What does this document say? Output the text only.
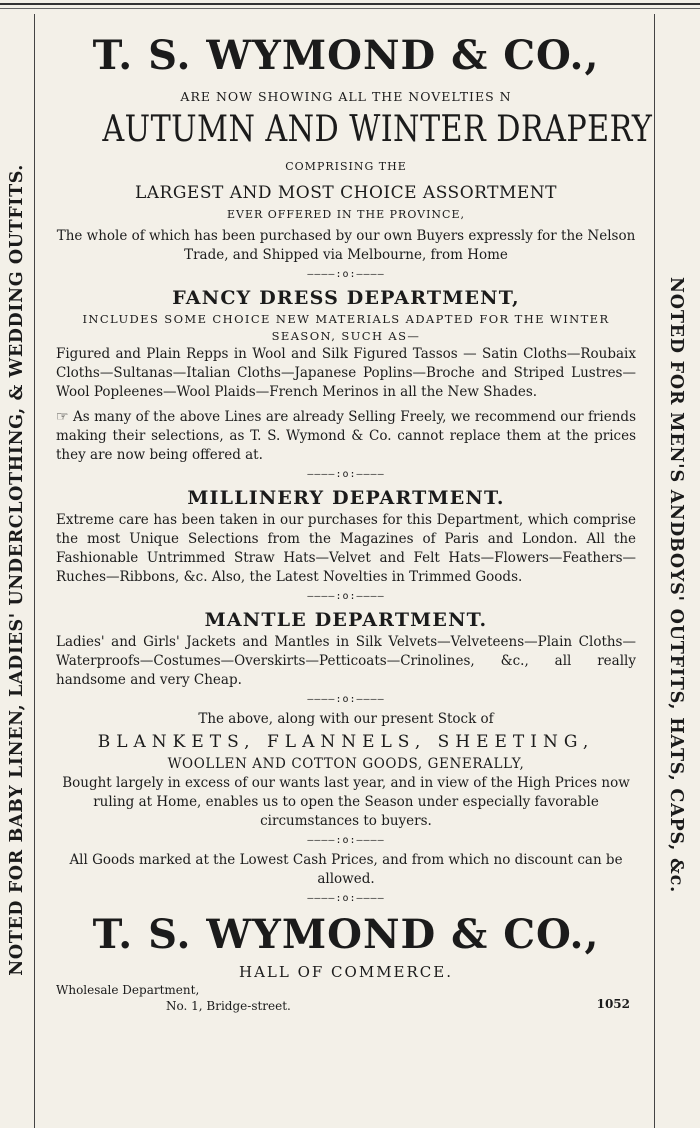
NOTED FOR BABY LINEN, LADIES' UNDERCLOTHING, & WEDDING OUTFITS.	NOTED FOR MEN'S ANDBOYS' OUTFITS, HATS, CAPS, &c.
T. S. WYMOND & CO.,
ARE NOW SHOWING ALL THE NOVELTIES N
AUTUMN AND WINTER DRAPERY
COMPRISING THE
LARGEST AND MOST CHOICE ASSORTMENT
EVER OFFERED IN THE PROVINCE,
The whole of which has been purchased by our own Buyers expressly for the Nelson Trade, and Shipped via Melbourne, from Home
————:o:————
FANCY DRESS DEPARTMENT,
INCLUDES SOME CHOICE NEW MATERIALS ADAPTED FOR THE WINTER SEASON, SUCH AS—
Figured and Plain Repps in Wool and Silk Figured Tassos — Satin Cloths—Roubaix Cloths—Sultanas—Italian Cloths—Japanese Poplins—Broche and Striped Lustres—Wool Popleenes—Wool Plaids—French Merinos in all the New Shades.
☞ As many of the above Lines are already Selling Freely, we recommend our friends making their selections, as T. S. Wymond & Co. cannot replace them at the prices they are now being offered at.
————:o:————
MILLINERY DEPARTMENT.
Extreme care has been taken in our purchases for this Department, which comprise the most Unique Selections from the Magazines of Paris and London. All the Fashionable Untrimmed Straw Hats—Velvet and Felt Hats—Flowers—Feathers—Ruches—Ribbons, &c. Also, the Latest Novelties in Trimmed Goods.
————:o:————
MANTLE DEPARTMENT.
Ladies' and Girls' Jackets and Mantles in Silk Velvets—Velveteens—Plain Cloths—Waterproofs—Costumes—Overskirts—Petticoats—Crinolines, &c., all really handsome and very Cheap.
————:o:————
The above, along with our present Stock of
BLANKETS, FLANNELS, SHEETING,
WOOLLEN AND COTTON GOODS, GENERALLY,
Bought largely in excess of our wants last year, and in view of the High Prices now ruling at Home, enables us to open the Season under especially favorable circumstances to buyers.
————:o:————
All Goods marked at the Lowest Cash Prices, and from which no discount can be allowed.
————:o:————
T. S. WYMOND & CO.,
HALL OF COMMERCE.
Wholesale Department,
No. 1, Bridge-street.	1052
